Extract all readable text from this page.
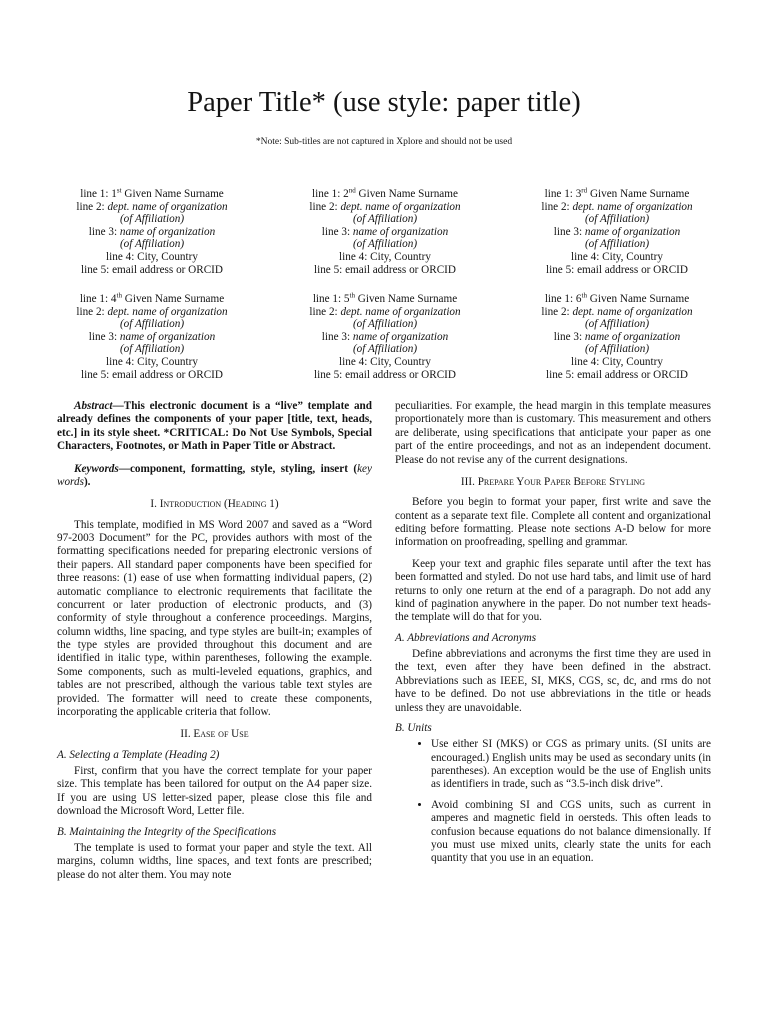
Paper Title* (use style: paper title)

*Note: Sub-titles are not captured in Xplore and should not be used

line 1: 1st Given Name Surname

line 2: dept. name of organization

(of Affiliation)

line 3: name of organization

(of Affiliation)

line 4: City, Country

line 5: email address or ORCID

line 1: 2nd Given Name Surname

line 2: dept. name of organization

(of Affiliation)

line 3: name of organization

(of Affiliation)

line 4: City, Country

line 5: email address or ORCID

line 1: 3rd Given Name Surname

line 2: dept. name of organization

(of Affiliation)

line 3: name of organization

(of Affiliation)

line 4: City, Country

line 5: email address or ORCID

line 1: 4th Given Name Surname

line 2: dept. name of organization

(of Affiliation)

line 3: name of organization

(of Affiliation)

line 4: City, Country

line 5: email address or ORCID

line 1: 5th Given Name Surname

line 2: dept. name of organization

(of Affiliation)

line 3: name of organization

(of Affiliation)

line 4: City, Country

line 5: email address or ORCID

line 1: 6th Given Name Surname

line 2: dept. name of organization

(of Affiliation)

line 3: name of organization

(of Affiliation)

line 4: City, Country

line 5: email address or ORCID

Abstract—This electronic document is a “live” template and already defines the components of your paper [title, text, heads, etc.] in its style sheet. *CRITICAL: Do Not Use Symbols, Special Characters, Footnotes, or Math in Paper Title or Abstract.

Keywords—component, formatting, style, styling, insert (key words).

I. Introduction (Heading 1)

This template, modified in MS Word 2007 and saved as a “Word 97-2003 Document” for the PC, provides authors with most of the formatting specifications needed for preparing electronic versions of their papers. All standard paper components have been specified for three reasons: (1) ease of use when formatting individual papers, (2) automatic compliance to electronic requirements that facilitate the concurrent or later production of electronic products, and (3) conformity of style throughout a conference proceedings. Margins, column widths, line spacing, and type styles are built-in; examples of the type styles are provided throughout this document and are identified in italic type, within parentheses, following the example. Some components, such as multi-leveled equations, graphics, and tables are not prescribed, although the various table text styles are provided. The formatter will need to create these components, incorporating the applicable criteria that follow.

II. Ease of Use

A. Selecting a Template (Heading 2)

First, confirm that you have the correct template for your paper size. This template has been tailored for output on the A4 paper size. If you are using US letter-sized paper, please close this file and download the Microsoft Word, Letter file.

B. Maintaining the Integrity of the Specifications

The template is used to format your paper and style the text. All margins, column widths, line spaces, and text fonts are prescribed; please do not alter them. You may note

peculiarities. For example, the head margin in this template measures proportionately more than is customary. This measurement and others are deliberate, using specifications that anticipate your paper as one part of the entire proceedings, and not as an independent document. Please do not revise any of the current designations.

III. Prepare Your Paper Before Styling

Before you begin to format your paper, first write and save the content as a separate text file. Complete all content and organizational editing before formatting. Please note sections A-D below for more information on proofreading, spelling and grammar.

Keep your text and graphic files separate until after the text has been formatted and styled. Do not use hard tabs, and limit use of hard returns to only one return at the end of a paragraph. Do not add any kind of pagination anywhere in the paper. Do not number text heads-the template will do that for you.

A. Abbreviations and Acronyms

Define abbreviations and acronyms the first time they are used in the text, even after they have been defined in the abstract. Abbreviations such as IEEE, SI, MKS, CGS, sc, dc, and rms do not have to be defined. Do not use abbreviations in the title or heads unless they are unavoidable.

B. Units

• Use either SI (MKS) or CGS as primary units. (SI units are encouraged.) English units may be used as secondary units (in parentheses). An exception would be the use of English units as identifiers in trade, such as “3.5-inch disk drive”.
• Avoid combining SI and CGS units, such as current in amperes and magnetic field in oersteds. This often leads to confusion because equations do not balance dimensionally. If you must use mixed units, clearly state the units for each quantity that you use in an equation.
